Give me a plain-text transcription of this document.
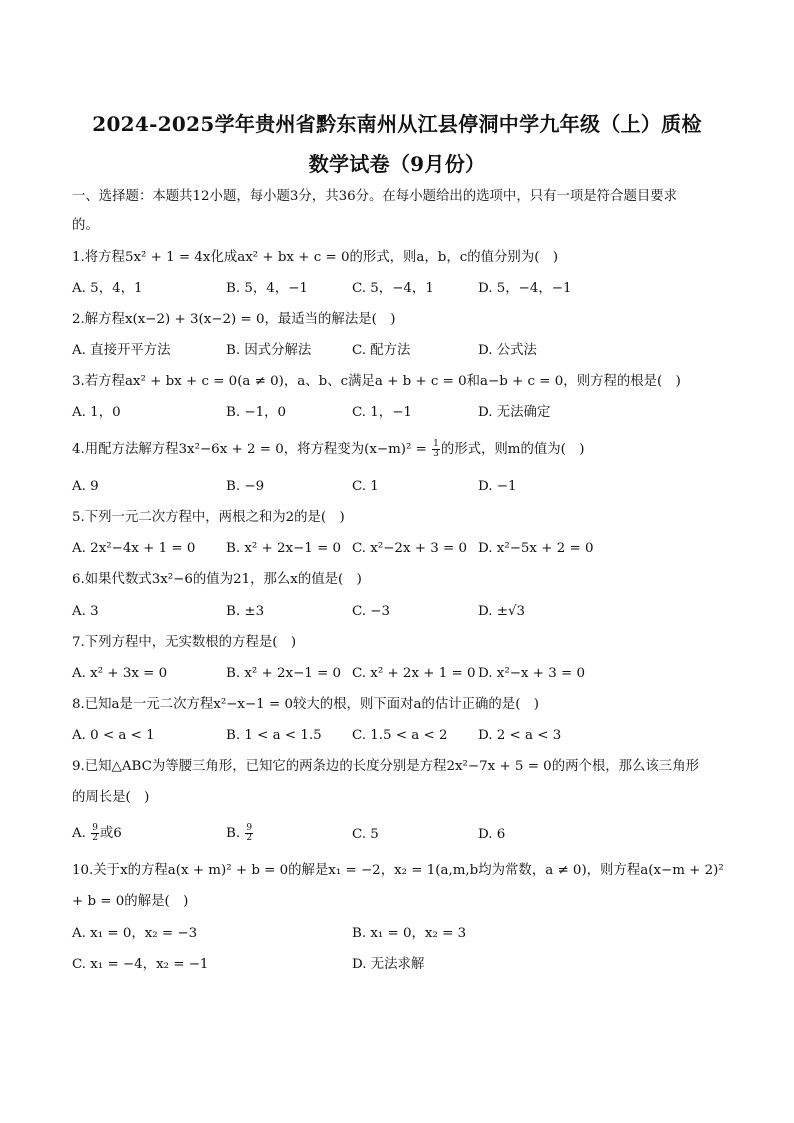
2024-2025学年贵州省黔东南州从江县停洞中学九年级（上）质检
数学试卷（9月份）
一、选择题：本题共12小题，每小题3分，共36分。在每小题给出的选项中，只有一项是符合题目要求
的。
1.将方程5x² + 1 = 4x化成ax² + bx + c = 0的形式，则a，b，c的值分别为(　)
A. 5，4，1	B. 5，4，−1	C. 5，−4，1	D. 5，−4，−1
2.解方程x(x−2) + 3(x−2) = 0，最适当的解法是(　)
A. 直接开平方法	B. 因式分解法	C. 配方法	D. 公式法
3.若方程ax² + bx + c = 0(a ≠ 0)，a、b、c满足a + b + c = 0和a−b + c = 0，则方程的根是(　)
A. 1，0	B. −1，0	C. 1，−1	D. 无法确定
4.用配方法解方程3x²−6x + 2 = 0，将方程变为$(x-m)^2 = \frac{1}{3}$ 的形式，则m的值为(　)
A. 9	B. −9	C. 1	D. −1
5.下列一元二次方程中，两根之和为2的是(　)
A. 2x²−4x + 1 = 0 B. x² + 2x−1 = 0 C. x²−2x + 3 = 0 D. x²−5x + 2 = 0
6.如果代数式3x²−6的值为21，那么x的值是(　)
A. 3	B. ±3	C. −3	D. ±√3
7.下列方程中，无实数根的方程是(　)
A. x² + 3x = 0	B. x² + 2x−1 = 0 C. x² + 2x + 1 = 0 D. x²−x + 3 = 0
8.已知a是一元二次方程x²−x−1 = 0较大的根，则下面对a的估计正确的是(　)
A. 0 < a < 1	B. 1 < a < 1.5 C. 1.5 < a < 2 D. 2 < a < 3
9.已知△ABC为等腰三角形，已知它的两条边的长度分别是方程2x²−7x + 5 = 0的两个根，那么该三角形
的周长是(　)
A. $\frac{9}{2}$ 或6	B. $\frac{9}{2}$	C. 5	D. 6
10.关于x的方程a(x + m)² + b = 0的解是x₁ = −2，x₂ = 1(a,m,b均为常数，a ≠ 0)，则方程a(x−m + 2)²
+ b = 0的解是(　)
A. x₁ = 0，x₂ = −3	B. x₁ = 0，x₂ = 3
C. x₁ = −4，x₂ = −1	D. 无法求解
